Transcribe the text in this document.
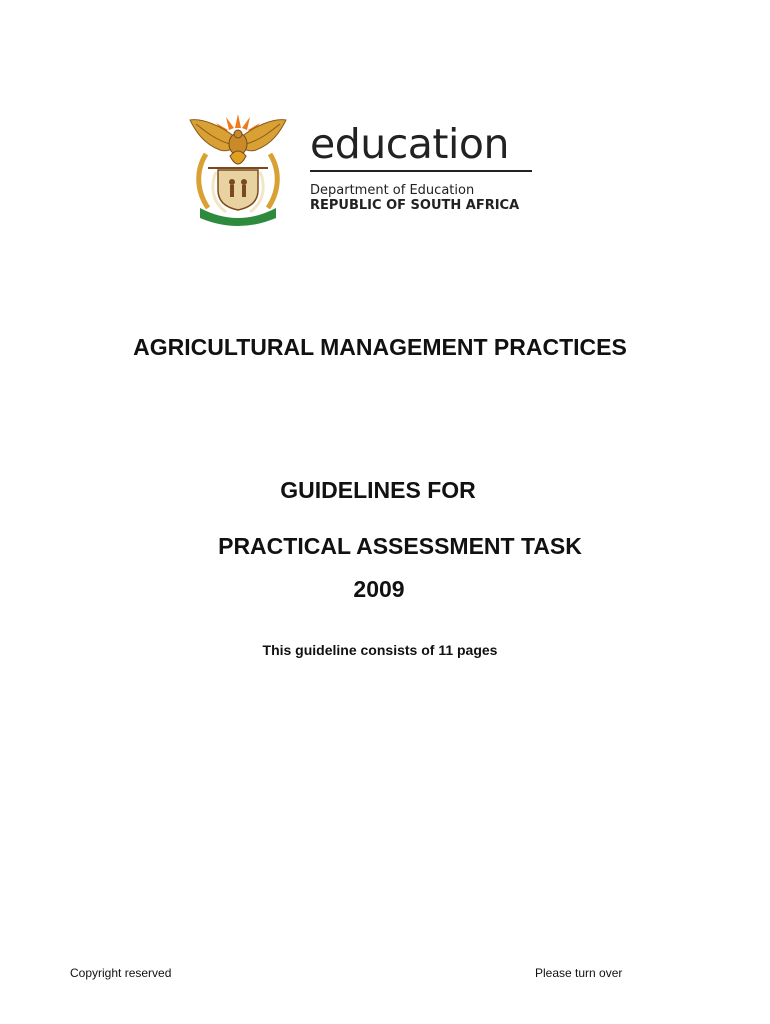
education
Department of Education
REPUBLIC OF SOUTH AFRICA
AGRICULTURAL MANAGEMENT PRACTICES
GUIDELINES FOR
PRACTICAL ASSESSMENT TASK
2009
This guideline consists of 11 pages
Copyright reserved	Please turn over
